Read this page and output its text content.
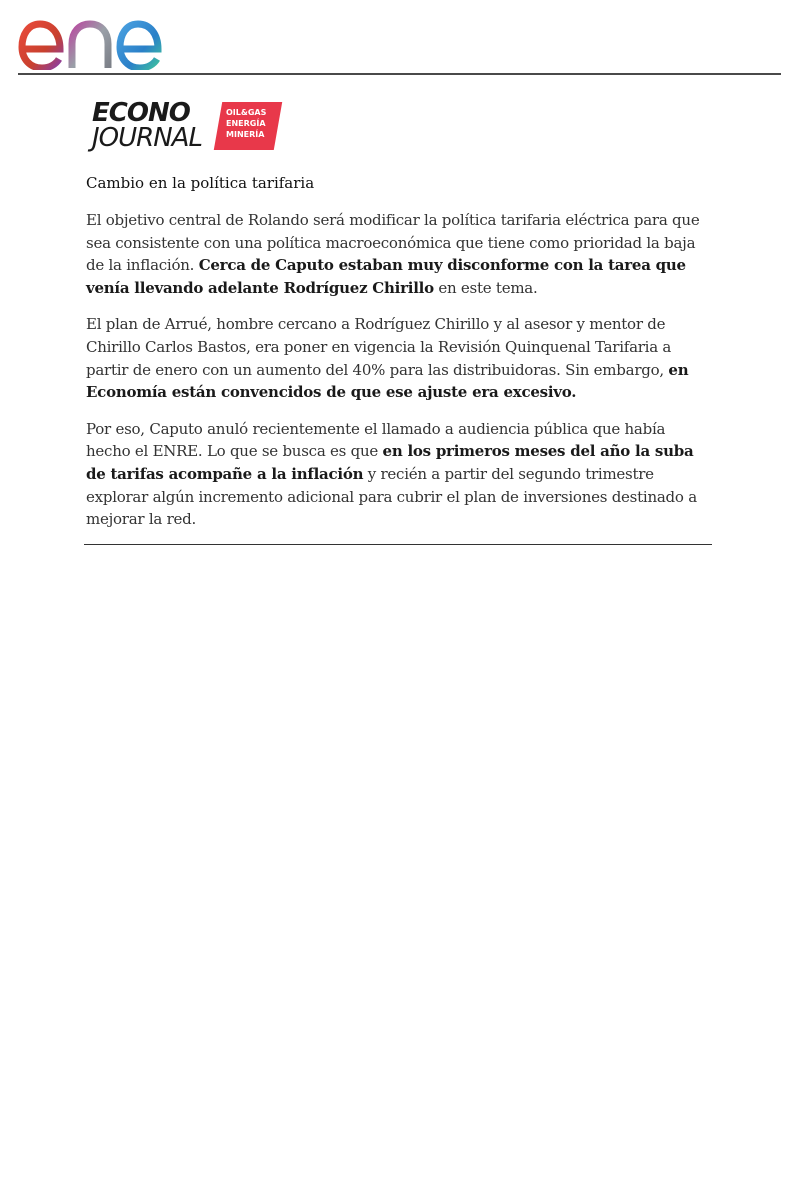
ECONO
JOURNAL
OIL&GAS
ENERGÍA
MINERÍA
Cambio en la política tarifaria

El objetivo central de Rolando será modificar la política tarifaria eléctrica para que sea consistente con una política macroeconómica que tiene como prioridad la baja de la inflación. Cerca de Caputo estaban muy disconforme con la tarea que venía llevando adelante Rodríguez Chirillo en este tema.

El plan de Arrué, hombre cercano a Rodríguez Chirillo y al asesor y mentor de Chirillo Carlos Bastos, era poner en vigencia la Revisión Quinquenal Tarifaria a partir de enero con un aumento del 40% para las distribuidoras. Sin embargo, en Economía están convencidos de que ese ajuste era excesivo.

Por eso, Caputo anuló recientemente el llamado a audiencia pública que había hecho el ENRE. Lo que se busca es que en los primeros meses del año la suba de tarifas acompañe a la inflación y recién a partir del segundo trimestre explorar algún incremento adicional para cubrir el plan de inversiones destinado a mejorar la red.
